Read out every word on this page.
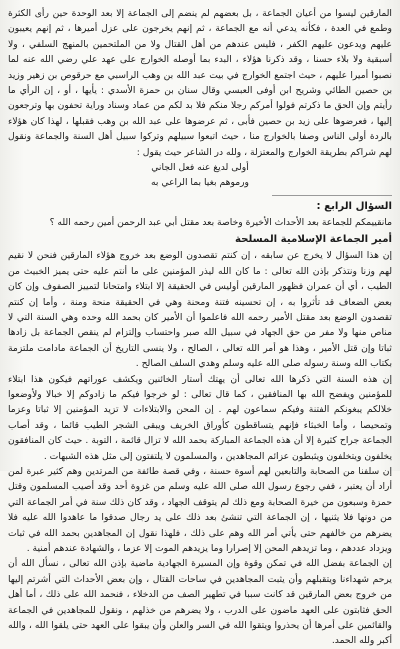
المارقين ليسوا من أعيان الجماعة ، بل بعضهم لم ينضم إلى الجماعة إلا بعد الوحدة حين رأى الكثرة وطمع في العدة ، فكأنه يدعي أنه مع الجماعة ، ثم إنهم يخرجون على عزل أميرها ، ثم إنهم يعيبون عليهم ويدعون عليهم الكفر ، فليس عندهم من أهل القتال ولا من الملتحمين بالمنهج السلفي ، ولا أسبقية ولا بلاء حسنا ، وقد ذكرنا هؤلاء ، البدء بما أوصله الخوارج على عهد علي رضي الله عنه لما نصبوا أميرا عليهم ، حيث اجتمع الخوارج في بيت عبد الله بن وهب الراسبي مع حرقوص بن زهير وزيد بن حصين الطائي وشريح ابن أوفى العبسي وقال سنان بن حمزة الأسدي : يأيها ، أو ، إن الرأي ما رأيتم وإن الحق ما ذكرتم فولوا أمركم رجلا منكم فلا بد لكم من عماد وسناد وراية تحفون بها وترجعون إليها ، فعرضوها على زيد بن حصين فأبى ، ثم عرضوها على عبد الله بن وهب فقبلها ، لهذا كان هؤلاء بالردة أولى الناس وصفا بالخوارج منا ، حيث اتبعوا سبيلهم وتركوا سبيل أهل السنة والجماعة ونقول لهم شراكم بطريقة الخوارج والمعتزلة ، ولله در الشاعر حيث يقول :

أولى لديغ عنه فعل الجاني

ورموهم بغيا بما الراعي به

السؤال الرابع :

مانقييمكم للجماعة بعد الأحداث الأخيرة وخاصة بعد مقتل أبي عبد الرحمن أمين رحمه الله ؟

أمير الجماعة الإسلامية المسلحة

إن هذا السؤال لا يخرج عن سابقه ، إن كنتم تقصدون الوضع بعد خروج هؤلاء المارقين فنحن لا نقيم لهم وزنا ونتذكر بإذن الله تعالى : ما كان الله ليذر المؤمنين على ما أنتم عليه حتى يميز الخبيث من الطيب ، أي أن عمران فظهور المارقين أوليس في الحقيقة إلا ابتلاء وامتحانا لتمييز الصفوف وإن كان بعض الضعاف قد تأثروا به ، إن تحسينه فتنة ومحنة وهي في الحقيقة منحة ومنة ، وأما إن كنتم تقصدون الوضع بعد مقتل الأمير رحمه الله فاعلموا أن الأمير كان بحمد الله وحده وهي السنة التي لا مناص منها ولا مفر من حق الجهاد في سبيل الله صبر واحتساب وإلتزام لم ينقص الجماعة بل زادها ثباتا وإن قتل الأمير ، وهذا هو أمر الله تعالى ، الصالح ، ولا ينسى التاريخ أن الجماعة مادامت ملتزمة بكتاب الله وسنة رسوله صلى الله عليه وسلم وهدي السلف الصالح .

إن هذه السنة التي ذكرها الله تعالى أن يهتك أستار الخائنين ويكشف عوراتهم فيكون هذا ابتلاء للمؤمنين ويفضح الله بها المنافقين ، كما قال تعالى : لو خرجوا فيكم ما زادوكم إلا خبالا ولأوضعوا خلالكم يبغونكم الفتنة وفيكم سماعون لهم . إن المحن والابتلاءات لا تزيد المؤمنين إلا ثباتا وعزما وتمحيصا ، وأما الخبثاء فإنهم يتساقطون كأوراق الخريف ويبقى الشجر الطيب قائما ، وقد أصاب الجماعة جراح كثيرة إلا أن هذه الجماعة المباركة بحمد الله لا تزال قائمة ، التوبة . حيث كان المنافقون يخلفون ويتخلفون ويثبطون عزائم المجاهدين ، والمسلمون لا يلتفتون إلى مثل هذه الشبهات .

إن سلفنا من الصحابة والتابعين لهم أسوة حسنة ، وفي قصة طائفة من المرتدين وهم كثير عبرة لمن أراد أن يعتبر ، ففي رجوع رسول الله صلى الله عليه وسلم من غزوة أحد وقد أصيب المسلمون وقتل حمزة وسبعون من خيرة الصحابة ومع ذلك لم يتوقف الجهاد ، وقد كان ذلك سنة في أمر الجماعة التي من دونها فلا يثنيها ، إن الجماعة التي تنشئ بعد ذلك على يد رجال صدقوا ما عاهدوا الله عليه فلا يضرهم من خالفهم حتى يأتي أمر الله وهم على ذلك ، فلهذا نقول إن المجاهدين بحمد الله في ثبات ويزداد عددهم ، وما تزيدهم المحن إلا إصرارا وما يزيدهم الموت إلا عزما ، والشهادة عندهم أمنية .

إن الجماعة بفضل الله في تمكن وقوة وإن المسيرة الجهادية ماضية بإذن الله تعالى ، نسأل الله أن يرحم شهداءنا ويتقبلهم وأن يثبت المجاهدين في ساحات القتال ، وإن بعض الأحداث التي أشرتم إليها من خروج بعض المارقين قد كانت سببا في تطهير الصف من الدخلاء ، فنحمد الله على ذلك ، أما أهل الحق فثابتون على العهد ماضون على الدرب ، ولا يضرهم من خذلهم ، ونقول للمجاهدين في الجماعة والقائمين على أمرها أن يحذروا ويتقوا الله في السر والعلن وأن يبقوا على العهد حتى يلقوا الله ، والله أكبر ولله الحمد.
